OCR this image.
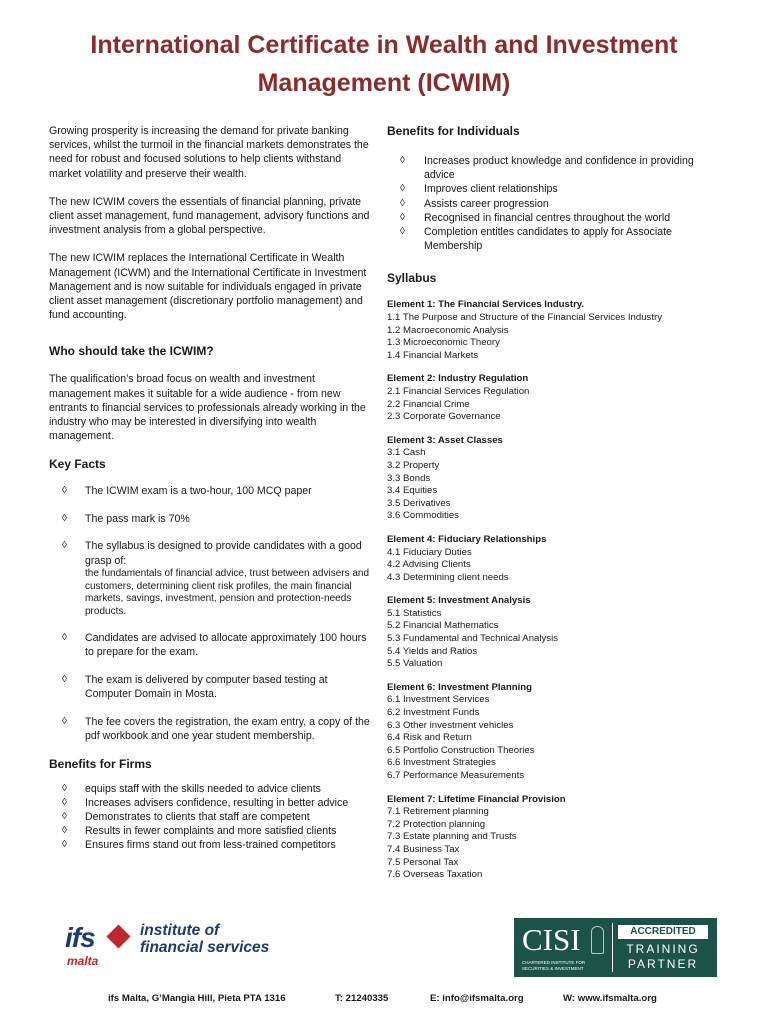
International Certificate in Wealth and Investment
Management (ICWIM)

Growing prosperity is increasing the demand for private banking services, whilst the turmoil in the financial markets demonstrates the need for robust and focused solutions to help clients withstand market volatility and preserve their wealth.

The new ICWIM covers the essentials of financial planning, private client asset management, fund management, advisory functions and investment analysis from a global perspective.

The new ICWIM replaces the International Certificate in Wealth Management (ICWM) and the International Certificate in Investment Management and is now suitable for individuals engaged in private client asset management (discretionary portfolio management) and fund accounting.

Who should take the ICWIM?

The qualification’s broad focus on wealth and investment management makes it suitable for a wide audience - from new entrants to financial services to professionals already working in the industry who may be interested in diversifying into wealth management.

Key Facts
◊ The ICWIM exam is a two-hour, 100 MCQ paper
◊ The pass mark is 70%
◊ The syllabus is designed to provide candidates with a good grasp of:
the fundamentals of financial advice, trust between advisers and customers, determining client risk profiles, the main financial markets, savings, investment, pension and protection-needs products.
◊ Candidates are advised to allocate approximately 100 hours to prepare for the exam.
◊ The exam is delivered by computer based testing at Computer Domain in Mosta.
◊ The fee covers the registration, the exam entry, a copy of the pdf workbook and one year student membership.
Benefits for Firms
◊ equips staff with the skills needed to advice clients
◊ Increases advisers confidence, resulting in better advice
◊ Demonstrates to clients that staff are competent
◊ Results in fewer complaints and more satisfied clients
◊ Ensures firms stand out from less-trained competitors
Benefits for Individuals
◊ Increases product knowledge and confidence in providing advice
◊ Improves client relationships
◊ Assists career progression
◊ Recognised in financial centres throughout the world
◊ Completion entitles candidates to apply for Associate Membership
Syllabus
Element 1: The Financial Services Industry.
1.1 The Purpose and Structure of the Financial Services Industry
1.2 Macroeconomic Analysis
1.3 Microeconomic Theory
1.4 Financial Markets
Element 2: Industry Regulation
2.1 Financial Services Regulation
2.2 Financial Crime
2.3 Corporate Governance
Element 3: Asset Classes
3.1 Cash
3.2 Property
3.3 Bonds
3.4 Equities
3.5 Derivatives
3.6 Commodities
Element 4: Fiduciary Relationships
4.1 Fiduciary Duties
4.2 Advising Clients
4.3 Determining client needs
Element 5: Investment Analysis
5.1 Statistics
5.2 Financial Mathematics
5.3 Fundamental and Technical Analysis
5.4 Yields and Ratios
5.5 Valuation
Element 6: Investment Planning
6.1 Investment Services
6.2 Investment Funds
6.3 Other investment vehicles
6.4 Risk and Return
6.5 Portfolio Construction Theories
6.6 Investment Strategies
6.7 Performance Measurements
Element 7: Lifetime Financial Provision
7.1 Retirement planning
7.2 Protection planning
7.3 Estate planning and Trusts
7.4 Business Tax
7.5 Personal Tax
7.6 Overseas Taxation
ifs
malta
institute of
financial services	CISI
CHARTERED INSTITUTE FOR
SECURITIES & INVESTMENT
ACCREDITED
TRAINING
PARTNER
ifs Malta, G’Mangia Hill, Pieta PTA 1316	T: 21240335	E: info@ifsmalta.org	W: www.ifsmalta.org
